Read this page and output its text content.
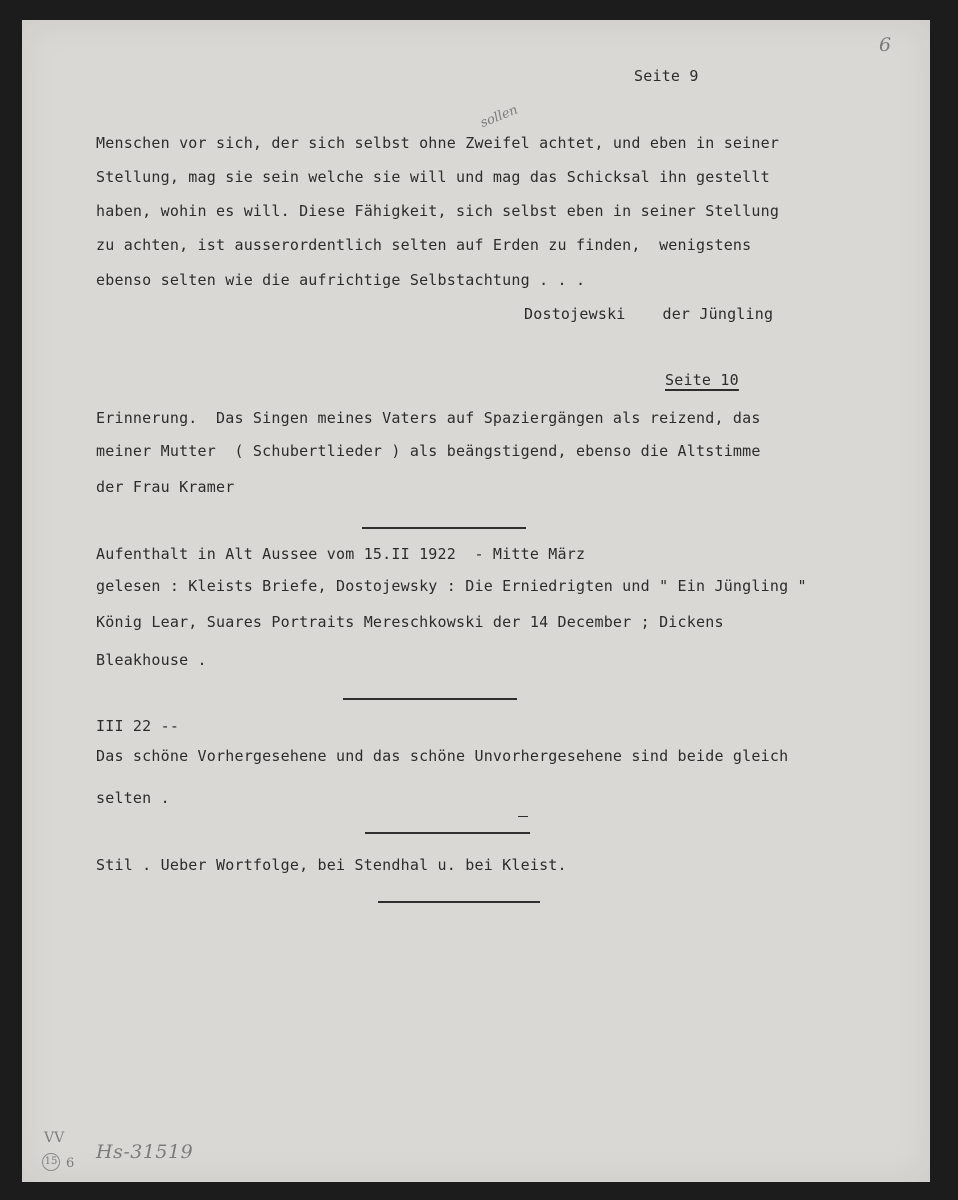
6
Seite 9
sollen
Menschen vor sich, der sich selbst ohne Zweifel achtet, und eben in seiner
Stellung, mag sie sein welche sie will und mag das Schicksal ihn gestellt
haben, wohin es will. Diese Fähigkeit, sich selbst eben in seiner Stellung
zu achten, ist ausserordentlich selten auf Erden zu finden,  wenigstens
ebenso selten wie die aufrichtige Selbstachtung . . .
Dostojewski    der Jüngling
Seite 10
Erinnerung.  Das Singen meines Vaters auf Spaziergängen als reizend, das
meiner Mutter  ( Schubertlieder ) als beängstigend, ebenso die Altstimme
der Frau Kramer
Aufenthalt in Alt Aussee vom 15.II 1922  - Mitte März
gelesen : Kleists Briefe, Dostojewsky : Die Erniedrigten und " Ein Jüngling "
König Lear, Suares Portraits Mereschkowski der 14 December ; Dickens
Bleakhouse .
III 22 --
Das schöne Vorhergesehene und das schöne Unvorhergesehene sind beide gleich
selten .
Stil . Ueber Wortfolge, bei Stendhal u. bei Kleist.
VV
15 6
Hs-31519
